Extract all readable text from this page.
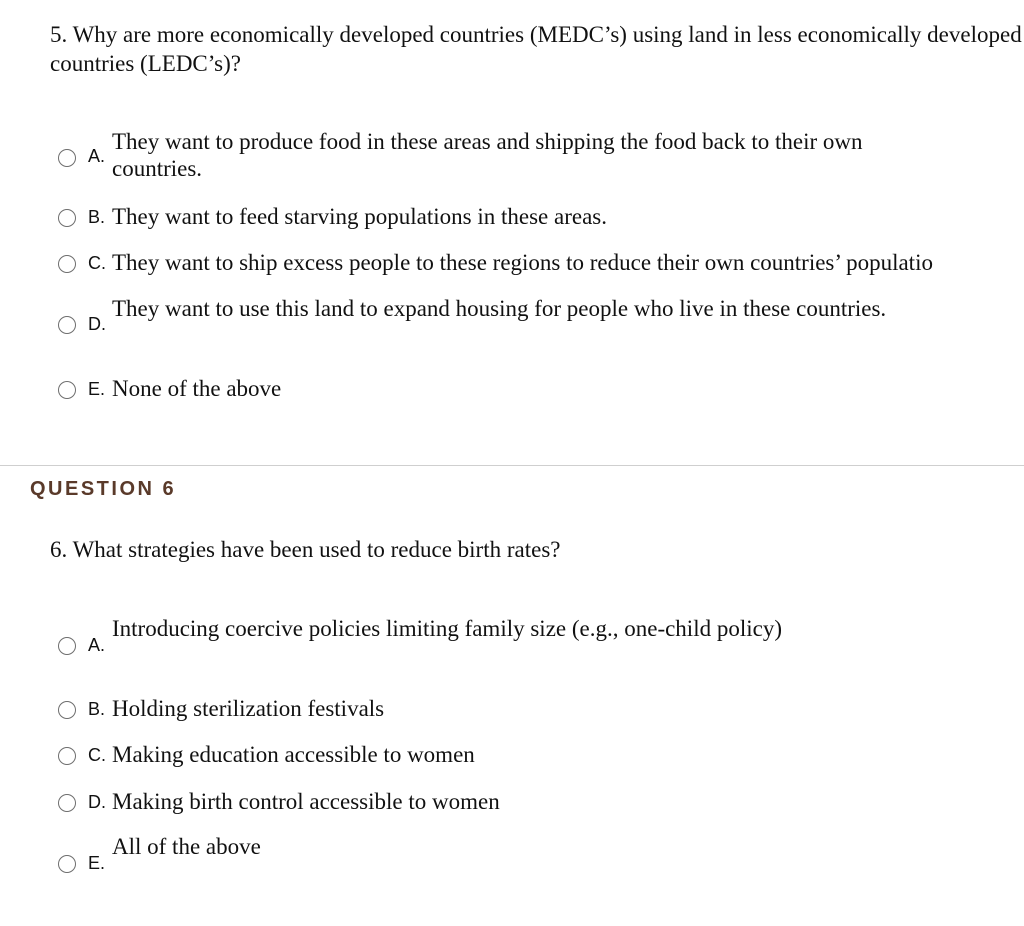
5. Why are more economically developed countries (MEDC’s) using land in less economically developed countries (LEDC’s)?
A.
They want to produce food in these areas and shipping the food back to their own
countries.
B. They want to feed starving populations in these areas.
C. They want to ship excess people to these regions to reduce their own countries’ populatio
D.
They want to use this land to expand housing for people who live in these countries.
E. None of the above
QUESTION 6
6. What strategies have been used to reduce birth rates?
A.
Introducing coercive policies limiting family size (e.g., one-child policy)
B. Holding sterilization festivals
C. Making education accessible to women
D. Making birth control accessible to women
E.
All of the above
